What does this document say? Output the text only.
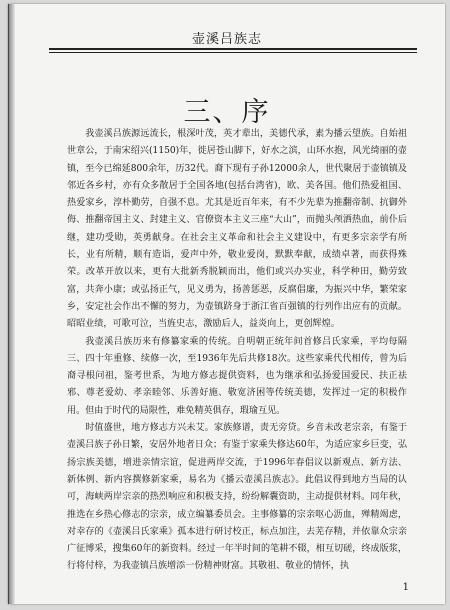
壶溪吕族志
三、序

我壶溪吕族源远流长，根深叶茂，英才辈出，美德代承，素为播云望族。自始祖世章公，于南宋绍兴(1150)年，徙居苍山脚下，好水之滨，山环水抱，风光绮丽的壶镇，至今已绵延800余年，历32代。裔下现有子孙12000余人，世代聚居于壶镇镇及邻近各乡村，亦有众多散居于全国各地(包括台湾省)，欧、美各国。他们热爱祖国、热爱家乡，淳朴勤劳，自强不息。尤其是近百年来，有不少先辈为推翻帝制、抗御外侮、推翻帝国主义、封建主义、官僚资本主义三座“大山”，而抛头颅洒热血，前仆后继，建功受勋，英勇献身。在社会主义革命和社会主义建设中，有更多宗亲学有所长，业有所精，顺有造诣，爱声中外，敬业爱岗，默默奉献，成绩卓著，而获得殊荣。改革开放以来，更有大批新秀脱颖而出，他们或兴办实业，科学种田，勤劳致富，共奔小康；或弘扬正气，见义勇为，扬善惩恶，反腐倡廉，为振兴中华，繁荣家乡，安定社会作出不懈的努力，为壶镇跻身于浙江省百强镇的行列作出应有的贡献。昭昭业绩，可歌可泣，当旌史志，激励后人，益炎向上，更创辉煌。

我壶溪吕族历来有修纂家乘的传统。自明朝正统年间首修吕氏家乘，平均每隔三、四十年重修、续修一次，至1936年先后共修18次。这些家乘代代相传，曾为后裔寻根问祖，鉴考世系，为地方修志提供资料，也为继承和弘扬爱国爱民、扶正祛邪、尊老爱幼、孝亲睦邻、乐善好施、敬宽济困等传统美德，发挥过一定的积极作用。但由于时代的局限性，难免精英俱存，瑕瑜互见。

时值盛世，地方修志方兴未艾。家族修谱，责无旁贷。乡音未改老宗亲，有鉴于壶溪吕族子孙日繁，安居外地者日众；有鉴于家乘失修达60年，为适应家乡巨变，弘扬宗族美德，增进亲情宗谊，促进两岸交流，于1996年春倡议以新观点、新方法、新体例、新内容撰修新家乘，易名为《播云壶溪吕族志》。此倡议得到地方当局的认可，海峡两岸宗亲的热烈响应和积极支持，纷纷解囊资助，主动提供材料。同年秋，推选在乡热心修志的宗亲，成立编纂委员会。主事修纂的宗亲呕心沥血，殚精竭虑，对幸存的《壶溪吕氏家乘》孤本进行研讨校正，标点加注，去芜存精，并依靠众宗亲广征博采，搜集60年的新资料。经过一年半时间的笔耕不辍，相互切磋，终成版浆，行将付梓，为我壶镇吕族增添一份精神财富。其敬祖、敬业的情怀，执

1
